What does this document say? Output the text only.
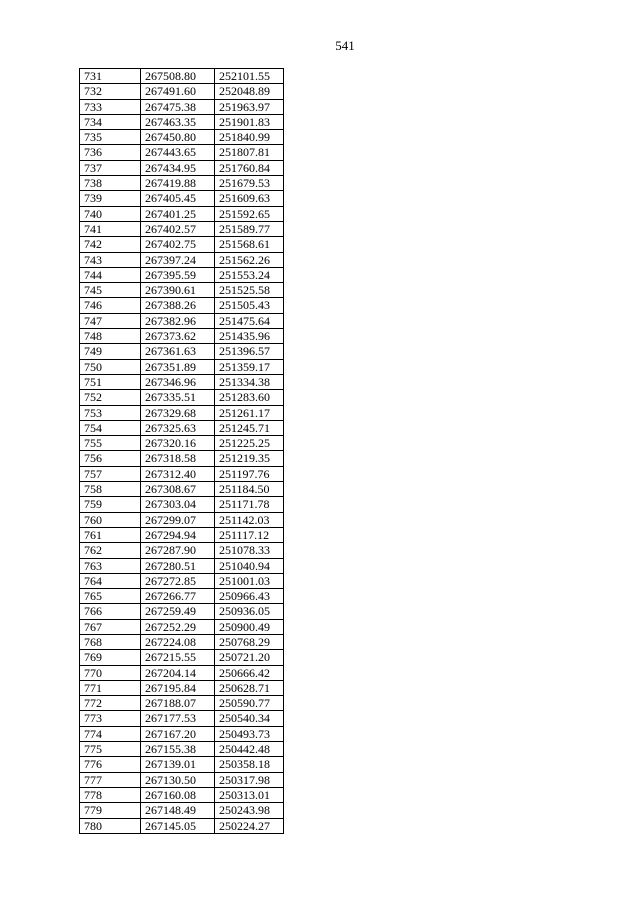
541
731	267508.80	252101.55
732	267491.60	252048.89
733	267475.38	251963.97
734	267463.35	251901.83
735	267450.80	251840.99
736	267443.65	251807.81
737	267434.95	251760.84
738	267419.88	251679.53
739	267405.45	251609.63
740	267401.25	251592.65
741	267402.57	251589.77
742	267402.75	251568.61
743	267397.24	251562.26
744	267395.59	251553.24
745	267390.61	251525.58
746	267388.26	251505.43
747	267382.96	251475.64
748	267373.62	251435.96
749	267361.63	251396.57
750	267351.89	251359.17
751	267346.96	251334.38
752	267335.51	251283.60
753	267329.68	251261.17
754	267325.63	251245.71
755	267320.16	251225.25
756	267318.58	251219.35
757	267312.40	251197.76
758	267308.67	251184.50
759	267303.04	251171.78
760	267299.07	251142.03
761	267294.94	251117.12
762	267287.90	251078.33
763	267280.51	251040.94
764	267272.85	251001.03
765	267266.77	250966.43
766	267259.49	250936.05
767	267252.29	250900.49
768	267224.08	250768.29
769	267215.55	250721.20
770	267204.14	250666.42
771	267195.84	250628.71
772	267188.07	250590.77
773	267177.53	250540.34
774	267167.20	250493.73
775	267155.38	250442.48
776	267139.01	250358.18
777	267130.50	250317.98
778	267160.08	250313.01
779	267148.49	250243.98
780	267145.05	250224.27
